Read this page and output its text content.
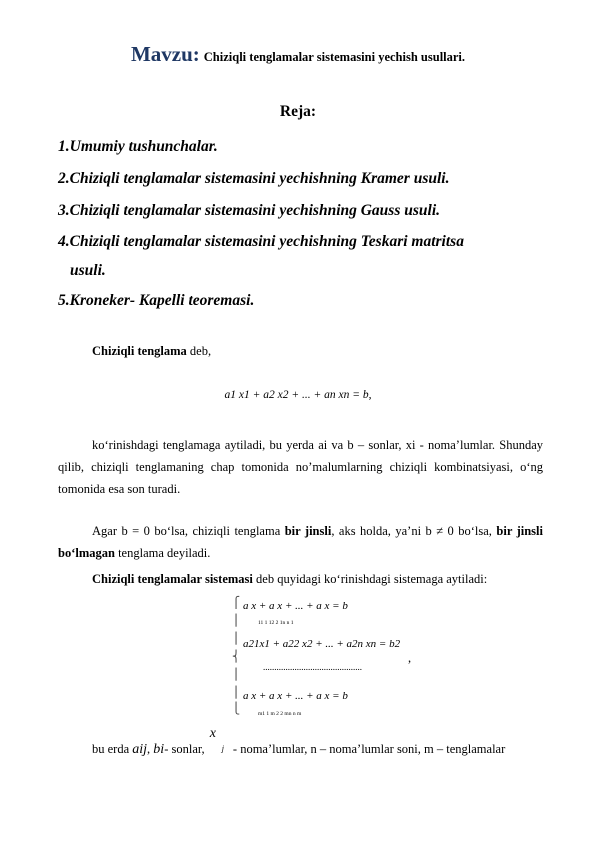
Mavzu: Chiziqli tenglamalar sistemasini yechish usullari.
Reja:
1.Umumiy tushunchalar.
2.Chiziqli tenglamalar sistemasini yechishning Kramer usuli.
3.Chiziqli tenglamalar sistemasini yechishning Gauss usuli.
4.Chiziqli tenglamalar sistemasini yechishning Teskari matritsa
usuli.
5.Kroneker- Kapelli teoremasi.
Chiziqli tenglama deb,
a1 x1 + a2 x2 + ... + an xn = b,
ko‘rinishdagi tenglamaga aytiladi, bu yerda ai va b – sonlar, xi - noma’lumlar. Shunday qilib, chiziqli tenglamaning chap tomonida no’malumlarning chiziqli kombinatsiyasi, o‘ng tomonida esa son turadi.
Agar b = 0 bo‘lsa, chiziqli tenglama bir jinsli, aks holda, ya’ni b ≠ 0 bo‘lsa, bir jinsli bo‘lmagan tenglama deyiladi.
Chiziqli tenglamalar sistemasi deb quyidagi ko‘rinishdagi sistemaga aytiladi:
⎧
⎪
⎪
⎨
⎪
⎪
⎩
a x + a x + ... + a x = b
11 1 12 2 1n n 1
a21x1 + a22 x2 + ... + a2n xn = b2
,
............................................
a x + a x + ... + a x = b
m1 1 m 2 2 mn n m
bu erda aij, bi- sonlar,
x
j - noma’lumlar, n – noma’lumlar soni, m – tenglamalar
